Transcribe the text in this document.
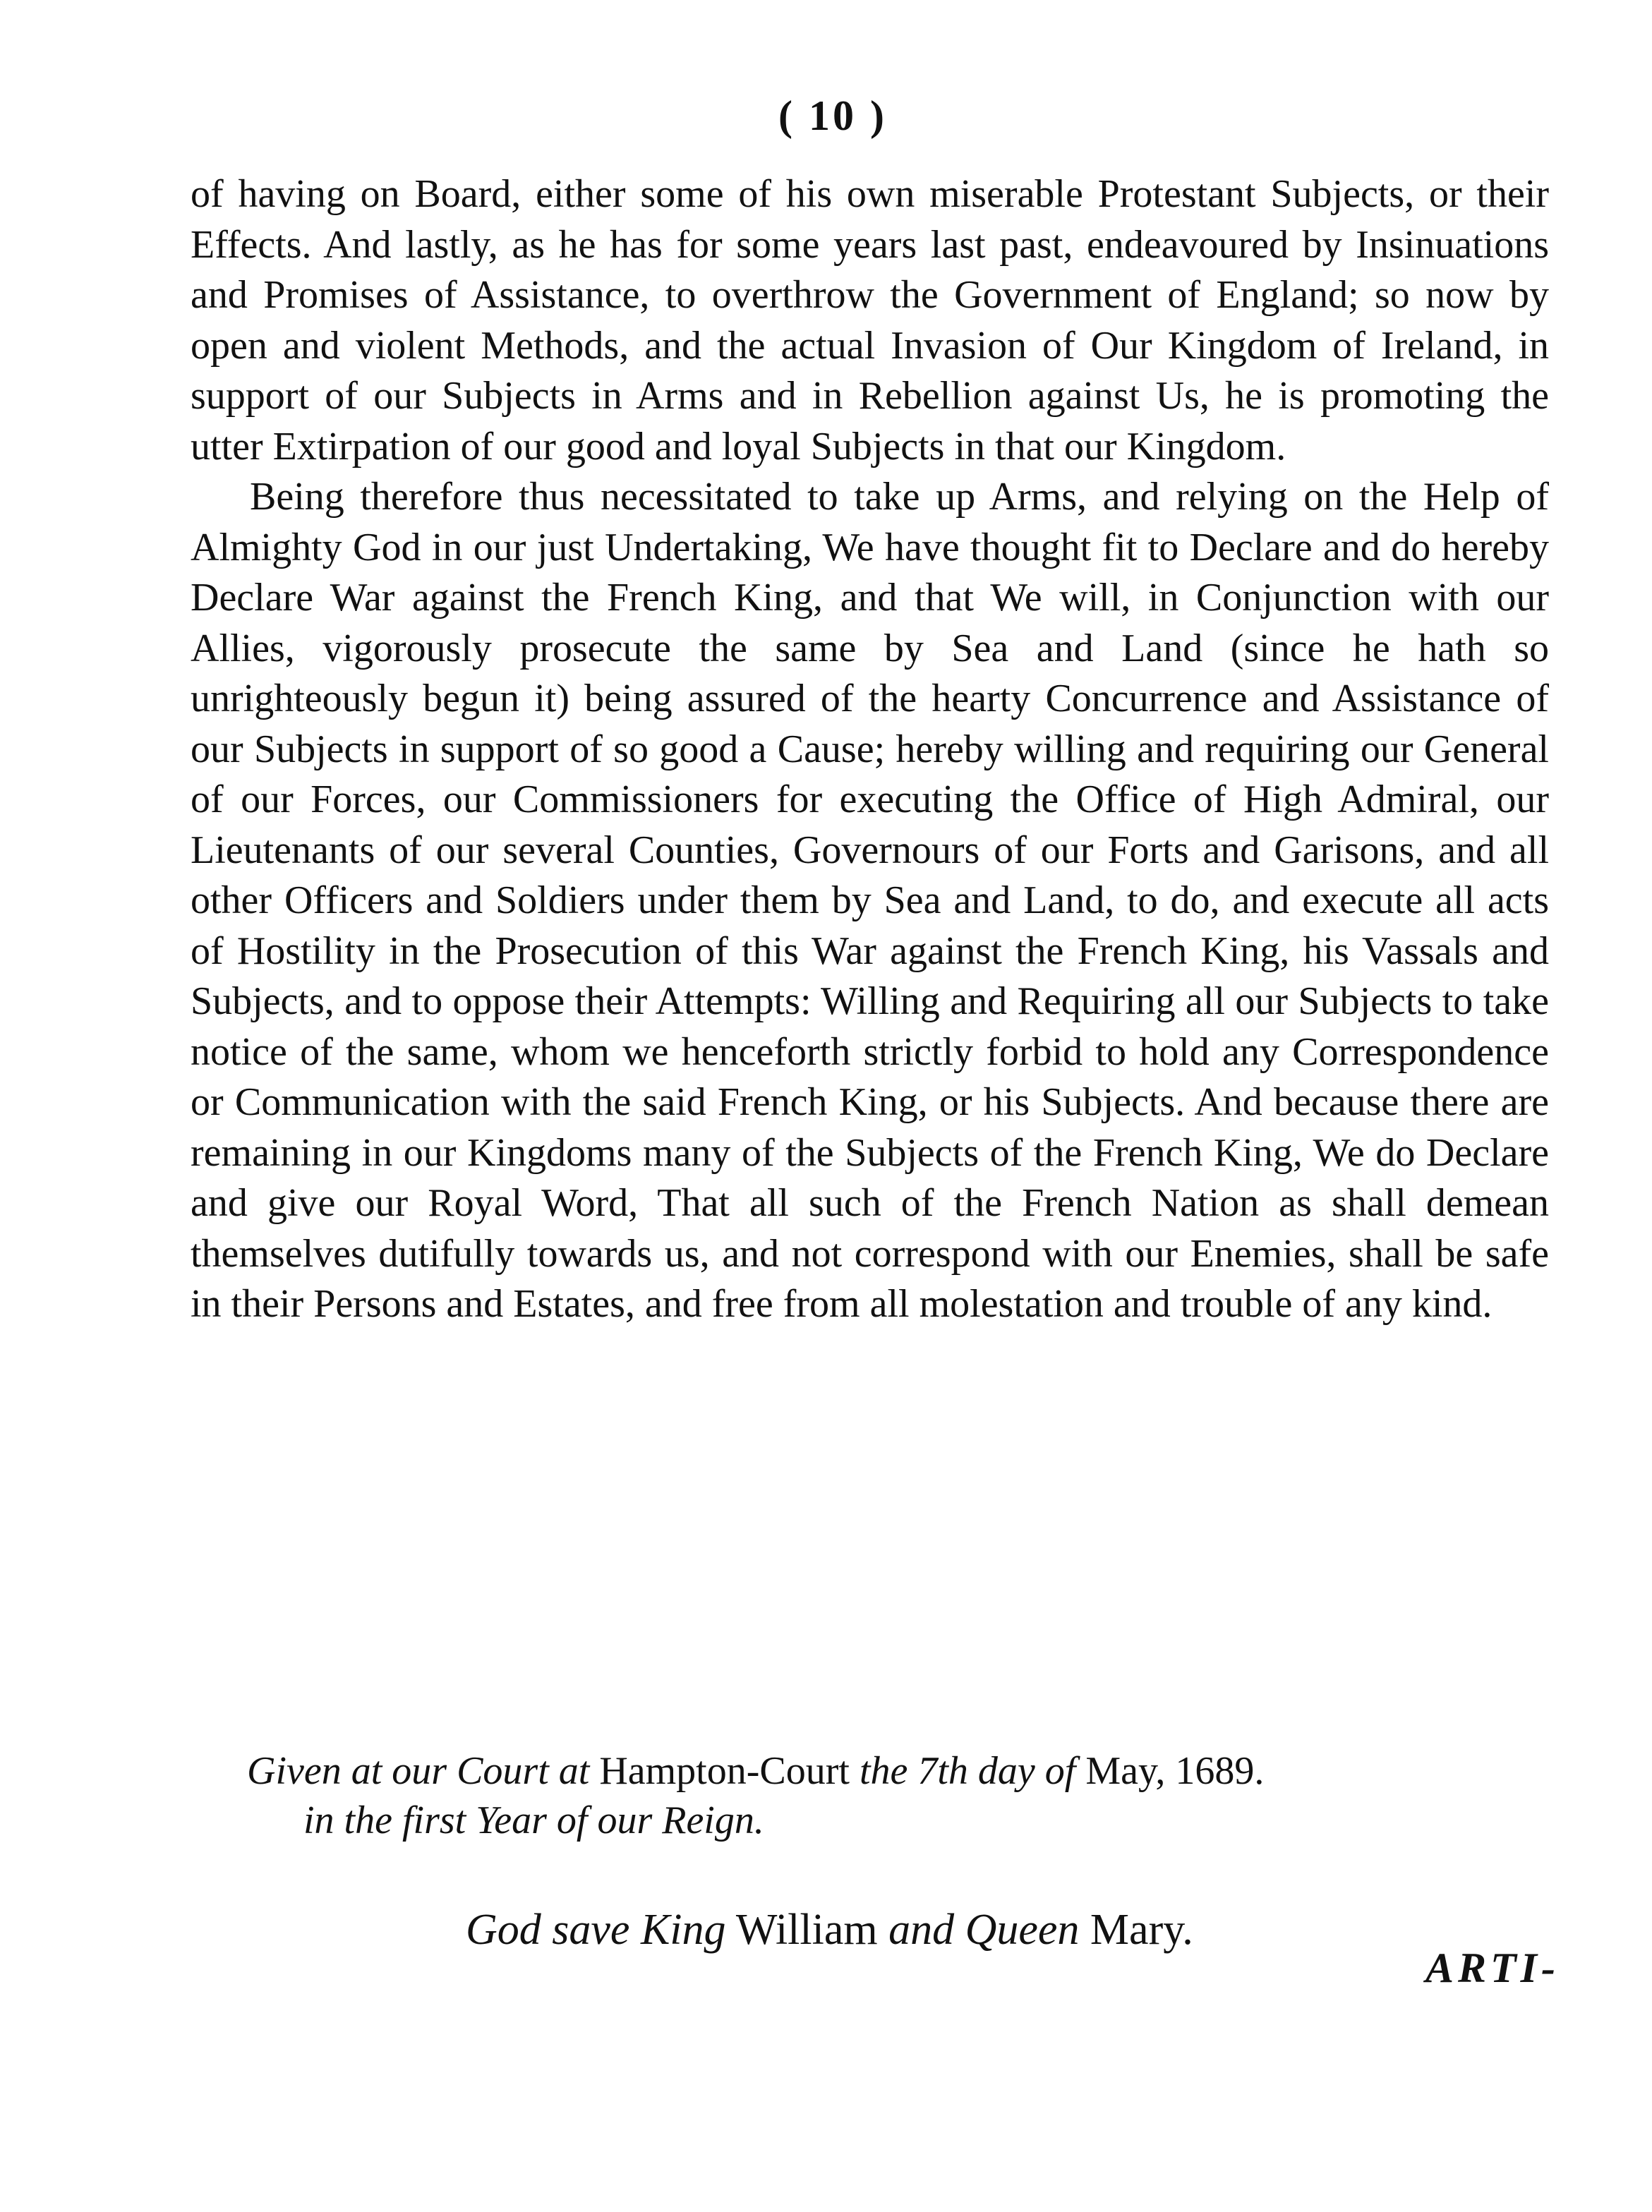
( 10 )

of having on Board, either some of his own miserable Protestant Subjects, or their Effects. And lastly, as he has for some years last past, endeavoured by Insinuations and Promises of Assistance, to overthrow the Government of England; so now by open and violent Methods, and the actual Invasion of Our Kingdom of Ireland, in support of our Subjects in Arms and in Rebellion against Us, he is promoting the utter Extirpation of our good and loyal Subjects in that our Kingdom.

Being therefore thus necessitated to take up Arms, and relying on the Help of Almighty God in our just Undertaking, We have thought fit to Declare and do hereby Declare War against the French King, and that We will, in Conjunction with our Allies, vigorously prosecute the same by Sea and Land (since he hath so unrighteously begun it) being assured of the hearty Concurrence and Assistance of our Subjects in support of so good a Cause; hereby willing and requiring our General of our Forces, our Commissioners for executing the Office of High Admiral, our Lieutenants of our several Counties, Governours of our Forts and Garisons, and all other Officers and Soldiers under them by Sea and Land, to do, and execute all acts of Hostility in the Prosecution of this War against the French King, his Vassals and Subjects, and to oppose their Attempts: Willing and Requiring all our Subjects to take notice of the same, whom we henceforth strictly forbid to hold any Correspondence or Communication with the said French King, or his Subjects. And because there are remaining in our Kingdoms many of the Subjects of the French King, We do Declare and give our Royal Word, That all such of the French Nation as shall demean themselves dutifully towards us, and not correspond with our Enemies, shall be safe in their Persons and Estates, and free from all molestation and trouble of any kind.

Given at our Court at Hampton-Court the 7th day of May, 1689.
in the first Year of our Reign.
God save King William and Queen Mary.
ARTI-
